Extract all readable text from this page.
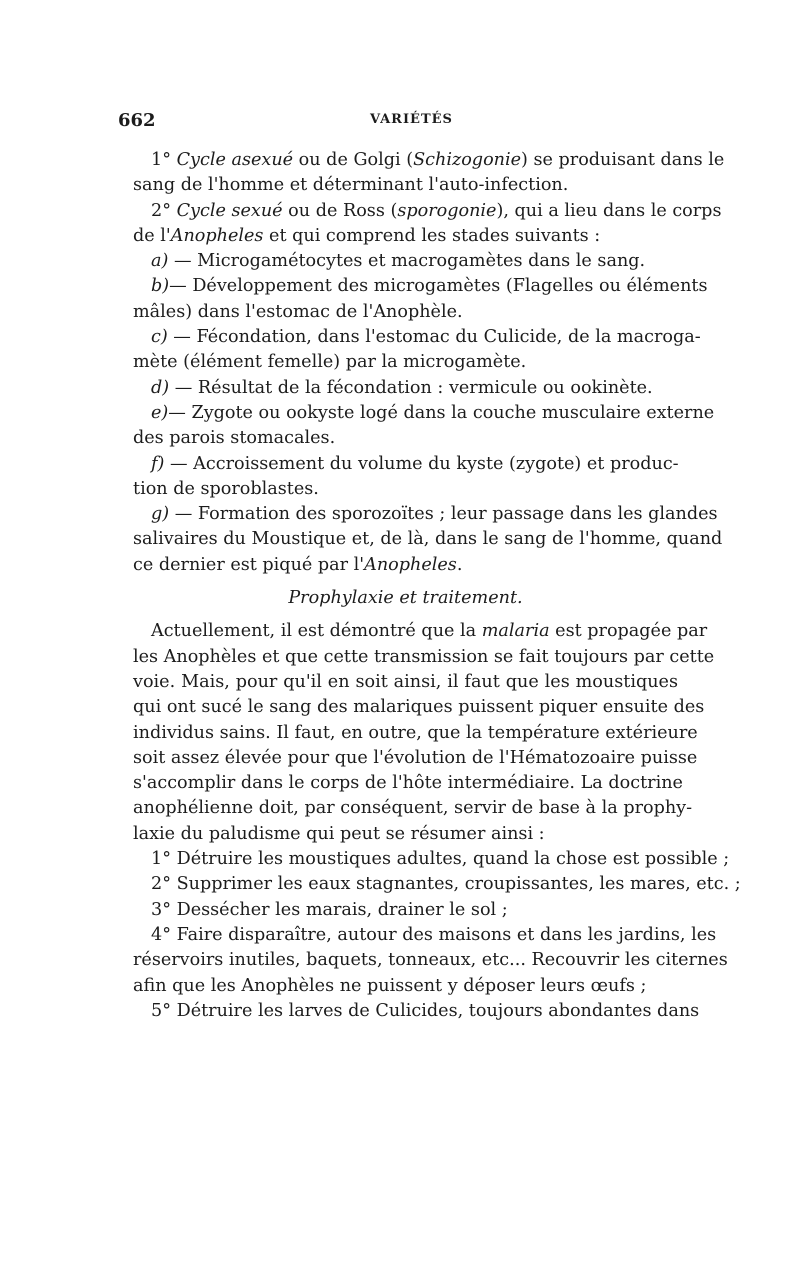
662	VARIÉTÉS
1° Cycle asexué ou de Golgi (Schizogonie) se produisant dans le
sang de l'homme et déterminant l'auto-infection.
2° Cycle sexué ou de Ross (sporogonie), qui a lieu dans le corps
de l'Anopheles et qui comprend les stades suivants :
a) — Microgamétocytes et macrogamètes dans le sang.
b)— Développement des microgamètes (Flagelles ou éléments
mâles) dans l'estomac de l'Anophèle.
c) — Fécondation, dans l'estomac du Culicide, de la macroga-
mète (élément femelle) par la microgamète.
d) — Résultat de la fécondation : vermicule ou ookinète.
e)— Zygote ou ookyste logé dans la couche musculaire externe
des parois stomacales.
f) — Accroissement du volume du kyste (zygote) et produc-
tion de sporoblastes.
g) — Formation des sporozoïtes ; leur passage dans les glandes
salivaires du Moustique et, de là, dans le sang de l'homme, quand
ce dernier est piqué par l'Anopheles.
Prophylaxie et traitement.
Actuellement, il est démontré que la malaria est propagée par
les Anophèles et que cette transmission se fait toujours par cette
voie. Mais, pour qu'il en soit ainsi, il faut que les moustiques
qui ont sucé le sang des malariques puissent piquer ensuite des
individus sains. Il faut, en outre, que la température extérieure
soit assez élevée pour que l'évolution de l'Hématozoaire puisse
s'accomplir dans le corps de l'hôte intermédiaire. La doctrine
anophélienne doit, par conséquent, servir de base à la prophy-
laxie du paludisme qui peut se résumer ainsi :
1° Détruire les moustiques adultes, quand la chose est possible ;
2° Supprimer les eaux stagnantes, croupissantes, les mares, etc. ;
3° Dessécher les marais, drainer le sol ;
4° Faire disparaître, autour des maisons et dans les jardins, les
réservoirs inutiles, baquets, tonneaux, etc... Recouvrir les citernes
afin que les Anophèles ne puissent y déposer leurs œufs ;
5° Détruire les larves de Culicides, toujours abondantes dans
